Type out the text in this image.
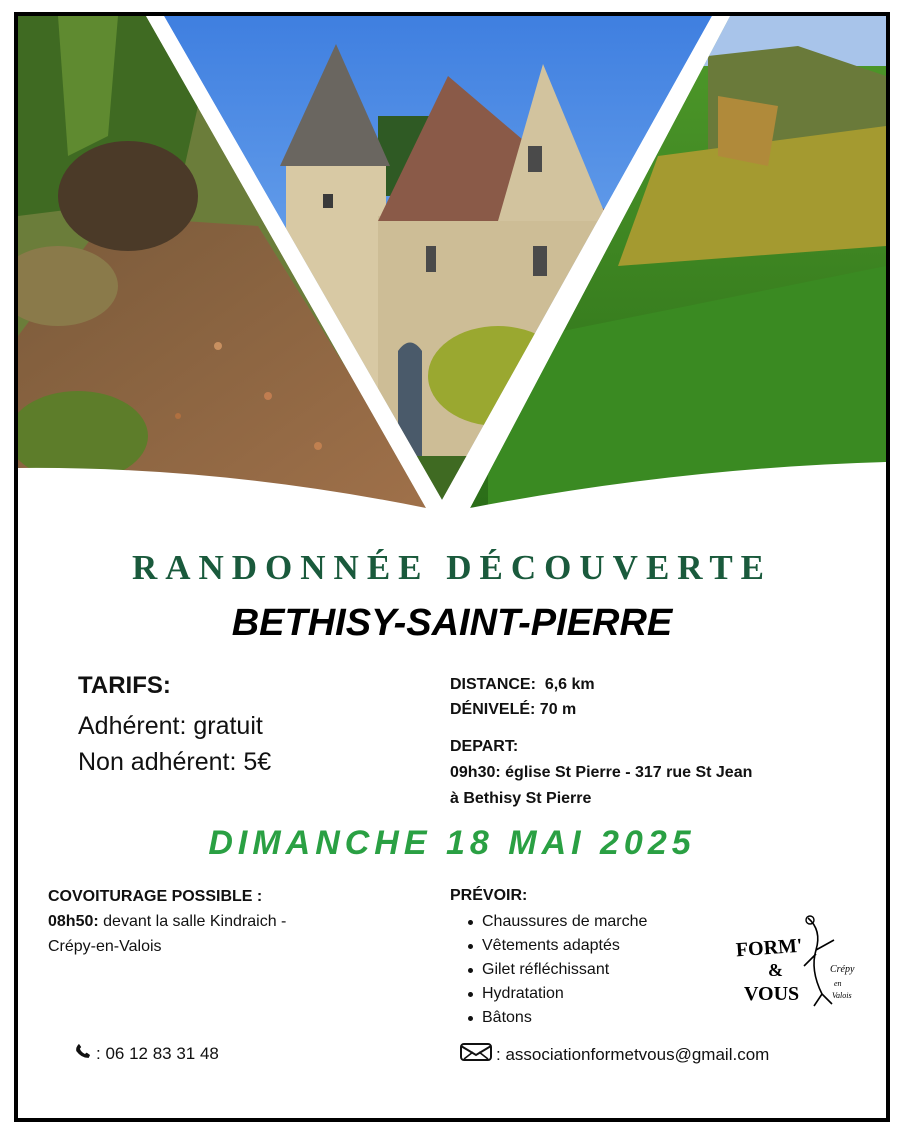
RANDONNÉE DÉCOUVERTE
BETHISY-SAINT-PIERRE
TARIFS:
Adhérent: gratuit
Non adhérent: 5€
DISTANCE: 6,6 km
DÉNIVELÉ: 70 m
DEPART:
09h30: église St Pierre - 317 rue St Jean
à Bethisy St Pierre
DIMANCHE 18 MAI 2025
COVOITURAGE POSSIBLE :
08h50: devant la salle Kindraich -
Crépy-en-Valois
PRÉVOIR:
Chaussures de marche
Vêtements adaptés
Gilet réfléchissant
Hydratation
Bâtons
FORM'
&
VOUS
Crépy
en
Valois
: 06 12 83 31 48	: associationformetvous@gmail.com
